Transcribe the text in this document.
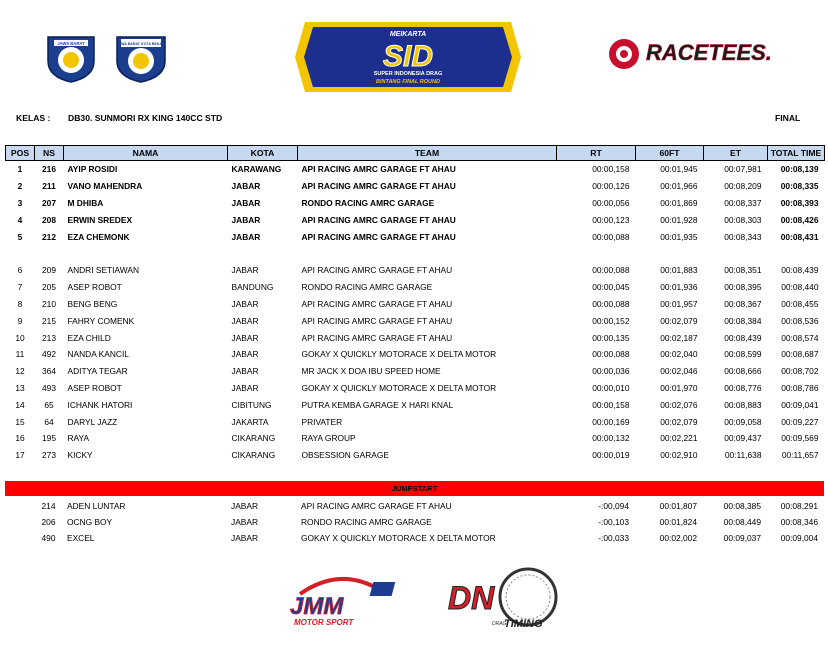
JAWA BARAT	JAWA BARAT KOTA BEKASI
MEIKARTA
SID
SUPER INDONESIA DRAG
BINTANG FINAL ROUND
RACETEES.
KELAS : DB30. SUNMORI RX KING 140CC STD	FINAL
POS	NS	NAMA	KOTA	TEAM	RT	60FT	ET	TOTAL TIME
1	216	AYIP ROSIDI	KARAWANG	API RACING AMRC GARAGE FT AHAU	00:00,158	00:01,945	00:07,981	00:08,139
2	211	VANO MAHENDRA	JABAR	API RACING AMRC GARAGE FT AHAU	00:00,126	00:01,966	00:08,209	00:08,335
3	207	M DHIBA	JABAR	RONDO RACING AMRC GARAGE	00:00,056	00:01,869	00:08,337	00:08,393
4	208	ERWIN SREDEX	JABAR	API RACING AMRC GARAGE FT AHAU	00:00,123	00:01,928	00:08,303	00:08,426
5	212	EZA CHEMONK	JABAR	API RACING AMRC GARAGE FT AHAU	00:00,088	00:01,935	00:08,343	00:08,431

6	209	ANDRI SETIAWAN	JABAR	API RACING AMRC GARAGE FT AHAU	00:00,088	00:01,883	00:08,351	00:08,439
7	205	ASEP ROBOT	BANDUNG	RONDO RACING AMRC GARAGE	00:00,045	00:01,936	00:08,395	00:08,440
8	210	BENG BENG	JABAR	API RACING AMRC GARAGE FT AHAU	00:00,088	00:01,957	00:08,367	00:08,455
9	215	FAHRY COMENK	JABAR	API RACING AMRC GARAGE FT AHAU	00:00,152	00:02,079	00:08,384	00:08,536
10	213	EZA CHILD	JABAR	API RACING AMRC GARAGE FT AHAU	00:00,135	00:02,187	00:08,439	00:08,574
11	492	NANDA KANCIL	JABAR	GOKAY X QUICKLY MOTORACE X DELTA MOTOR	00:00,088	00:02,040	00:08,599	00:08,687
12	364	ADITYA TEGAR	JABAR	MR JACK X DOA IBU SPEED HOME	00:00,036	00:02,046	00:08,666	00:08,702
13	493	ASEP ROBOT	JABAR	GOKAY X QUICKLY MOTORACE X DELTA MOTOR	00:00,010	00:01,970	00:08,776	00:08,786
14	65	ICHANK HATORI	CIBITUNG	PUTRA KEMBA GARAGE X HARI KNAL	00:00,158	00:02,076	00:08,883	00:09,041
15	64	DARYL JAZZ	JAKARTA	PRIVATER	00:00,169	00:02,079	00:09,058	00:09,227
16	195	RAYA	CIKARANG	RAYA GROUP	00:00,132	00:02,221	00:09,437	00:09,569
17	273	KICKY	CIKARANG	OBSESSION GARAGE	00:00,019	00:02,910	00:11,638	00:11,657
JUMPSTART
	214	ADEN LUNTAR	JABAR	API RACING AMRC GARAGE FT AHAU	-:00,094	00:01,807	00:08,385	00:08,291
	206	OCNG BOY	JABAR	RONDO RACING AMRC GARAGE	-:00,103	00:01,824	00:08,449	00:08,346
	490	EXCEL	JABAR	GOKAY X QUICKLY MOTORACE X DELTA MOTOR	-:00,033	00:02,002	00:09,037	00:09,004
JMM
MOTOR SPORT
DN
DRAG
TIMING
